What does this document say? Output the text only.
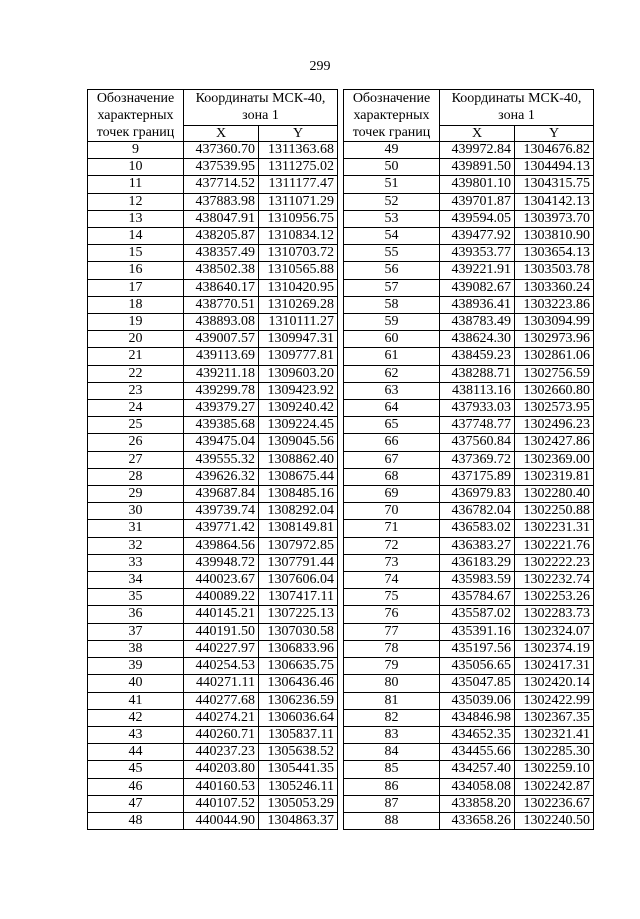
299
Обозначение
характерных
точек границ	Координаты МСК-40,
зона 1	
	X	Y
9	437360.70	1311363.68
10	437539.95	1311275.02
11	437714.52	1311177.47
12	437883.98	1311071.29
13	438047.91	1310956.75
14	438205.87	1310834.12
15	438357.49	1310703.72
16	438502.38	1310565.88
17	438640.17	1310420.95
18	438770.51	1310269.28
19	438893.08	1310111.27
20	439007.57	1309947.31
21	439113.69	1309777.81
22	439211.18	1309603.20
23	439299.78	1309423.92
24	439379.27	1309240.42
25	439385.68	1309224.45
26	439475.04	1309045.56
27	439555.32	1308862.40
28	439626.32	1308675.44
29	439687.84	1308485.16
30	439739.74	1308292.04
31	439771.42	1308149.81
32	439864.56	1307972.85
33	439948.72	1307791.44
34	440023.67	1307606.04
35	440089.22	1307417.11
36	440145.21	1307225.13
37	440191.50	1307030.58
38	440227.97	1306833.96
39	440254.53	1306635.75
40	440271.11	1306436.46
41	440277.68	1306236.59
42	440274.21	1306036.64
43	440260.71	1305837.11
44	440237.23	1305638.52
45	440203.80	1305441.35
46	440160.53	1305246.11
47	440107.52	1305053.29
48	440044.90	1304863.37
Обозначение
характерных
точек границ	Координаты МСК-40,
зона 1	
	X	Y
49	439972.84	1304676.82
50	439891.50	1304494.13
51	439801.10	1304315.75
52	439701.87	1304142.13
53	439594.05	1303973.70
54	439477.92	1303810.90
55	439353.77	1303654.13
56	439221.91	1303503.78
57	439082.67	1303360.24
58	438936.41	1303223.86
59	438783.49	1303094.99
60	438624.30	1302973.96
61	438459.23	1302861.06
62	438288.71	1302756.59
63	438113.16	1302660.80
64	437933.03	1302573.95
65	437748.77	1302496.23
66	437560.84	1302427.86
67	437369.72	1302369.00
68	437175.89	1302319.81
69	436979.83	1302280.40
70	436782.04	1302250.88
71	436583.02	1302231.31
72	436383.27	1302221.76
73	436183.29	1302222.23
74	435983.59	1302232.74
75	435784.67	1302253.26
76	435587.02	1302283.73
77	435391.16	1302324.07
78	435197.56	1302374.19
79	435056.65	1302417.31
80	435047.85	1302420.14
81	435039.06	1302422.99
82	434846.98	1302367.35
83	434652.35	1302321.41
84	434455.66	1302285.30
85	434257.40	1302259.10
86	434058.08	1302242.87
87	433858.20	1302236.67
88	433658.26	1302240.50
